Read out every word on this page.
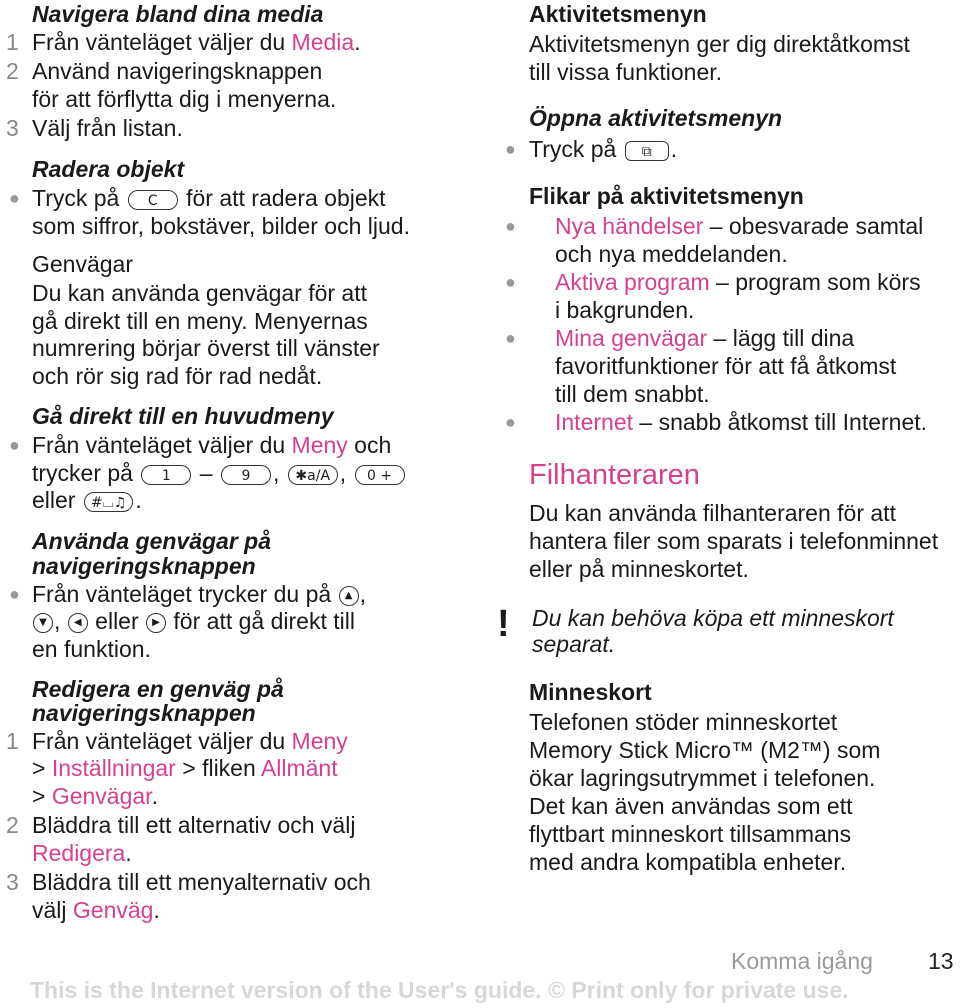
Navigera bland dina media
1 Från vänteläget väljer du Media.
2 Använd navigeringsknappen
för att förflytta dig i menyerna.
3 Välj från listan.
Radera objekt
● Tryck på C för att radera objekt
som siffror, bokstäver, bilder och ljud.
Genvägar
Du kan använda genvägar för att
gå direkt till en meny. Menyernas
numrering börjar överst till vänster
och rör sig rad för rad nedåt.
Gå direkt till en huvudmeny
● Från vänteläget väljer du Meny och
trycker på 1 – 9 , ✱a/A , 0 +
eller #⌴♫ .
Använda genvägar på
navigeringsknappen
● Från vänteläget trycker du på ▲ ,
▼ , ◀ eller ▶ för att gå direkt till
en funktion.
Redigera en genväg på
navigeringsknappen
1 Från vänteläget väljer du Meny
> Inställningar > fliken Allmänt
> Genvägar.
2 Bläddra till ett alternativ och välj
Redigera.
3 Bläddra till ett menyalternativ och
välj Genväg.
Aktivitetsmenyn
Aktivitetsmenyn ger dig direktåtkomst
till vissa funktioner.
Öppna aktivitetsmenyn
● Tryck på ⧉ .
Flikar på aktivitetsmenyn
● Nya händelser – obesvarade samtal
och nya meddelanden.
● Aktiva program – program som körs
i bakgrunden.
● Mina genvägar – lägg till dina
favoritfunktioner för att få åtkomst
till dem snabbt.
● Internet – snabb åtkomst till Internet.
Filhanteraren
Du kan använda filhanteraren för att
hantera filer som sparats i telefonminnet
eller på minneskortet.
Du kan behöva köpa ett minneskort
separat.
Minneskort
Telefonen stöder minneskortet
Memory Stick Micro™ (M2™) som
ökar lagringsutrymmet i telefonen.
Det kan även användas som ett
flyttbart minneskort tillsammans
med andra kompatibla enheter.
!
Komma igång 13
This is the Internet version of the User's guide. © Print only for private use.
